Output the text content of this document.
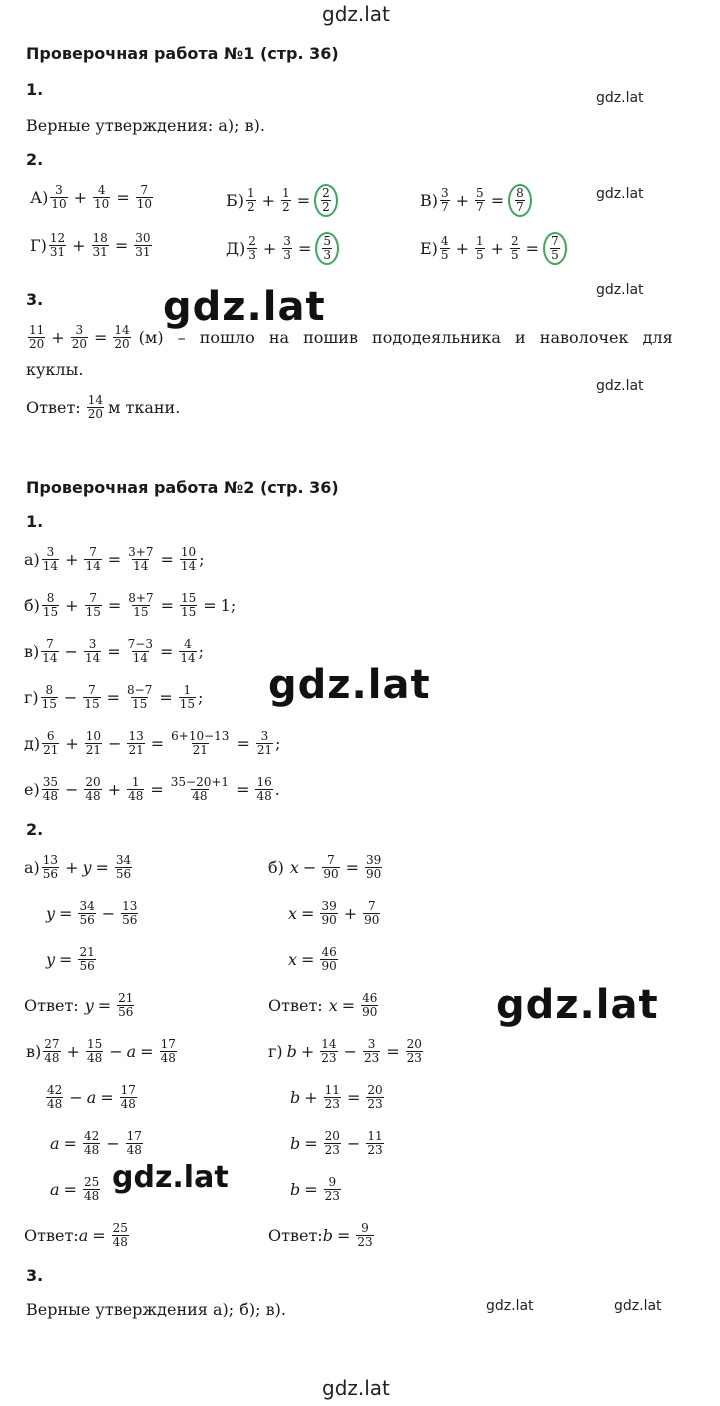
gdz.lat
gdz.lat
gdz.lat
gdz.lat
gdz.lat
gdz.lat
gdz.lat
gdz.lat
gdz.lat
gdz.lat	gdz.lat
gdz.lat
Проверочная работа №1 (стр. 36)
1.
Верные утверждения: а); в).
2.
$А) \frac{3}{10} + \frac{4}{10} = \frac{7}{10}$	$Б) \frac{1}{2} + \frac{1}{2} = \frac{2}{2}$	$В) \frac{3}{7} + \frac{5}{7} = \frac{8}{7}$
$Г) \frac{12}{31} + \frac{18}{31} = \frac{30}{31}$	$Д) \frac{2}{3} + \frac{3}{3} = \frac{5}{3}$	$Е) \frac{4}{5} + \frac{1}{5} + \frac{2}{5} = \frac{7}{5}$
3.
$\frac{11}{20} + \frac{3}{20} = \frac{14}{20} (м)$ – пошло на пошив пододеяльника и наволочек для
куклы.
Ответ: $\frac{14}{20}$ м ткани.
Проверочная работа №2 (стр. 36)
1.
$а) \frac{3}{14} + \frac{7}{14} = \frac{3+7}{14} = \frac{10}{14}$ ;
$б) \frac{8}{15} + \frac{7}{15} = \frac{8+7}{15} = \frac{15}{15} = 1$ ;
$в) \frac{7}{14} - \frac{3}{14} = \frac{7-3}{14} = \frac{4}{14}$ ;
$г) \frac{8}{15} - \frac{7}{15} = \frac{8-7}{15} = \frac{1}{15}$ ;
$д) \frac{6}{21} + \frac{10}{21} - \frac{13}{21} = \frac{6+10-13}{21} = \frac{3}{21}$ ;
$е) \frac{35}{48} - \frac{20}{48} + \frac{1}{48} = \frac{35-20+1}{48} = \frac{16}{48}$ .
2.
$а) \frac{13}{56} + y = \frac{34}{56}$
$y = \frac{34}{56} - \frac{13}{56}$
$y = \frac{21}{56}$
Ответ: $y = \frac{21}{56}$
б) $x - \frac{7}{90} = \frac{39}{90}$
$x = \frac{39}{90} + \frac{7}{90}$
$x = \frac{46}{90}$
Ответ: $x = \frac{46}{90}$
$в) \frac{27}{48} + \frac{15}{48} - a = \frac{17}{48}$
$\frac{42}{48} - a = \frac{17}{48}$
$a = \frac{42}{48} - \frac{17}{48}$
$a = \frac{25}{48}$
Ответ: $a = \frac{25}{48}$
г) $b + \frac{14}{23} - \frac{3}{23} = \frac{20}{23}$
$b + \frac{11}{23} = \frac{20}{23}$
$b = \frac{20}{23} - \frac{11}{23}$
$b = \frac{9}{23}$
Ответ: $b = \frac{9}{23}$
3.
Верные утверждения а); б); в).
